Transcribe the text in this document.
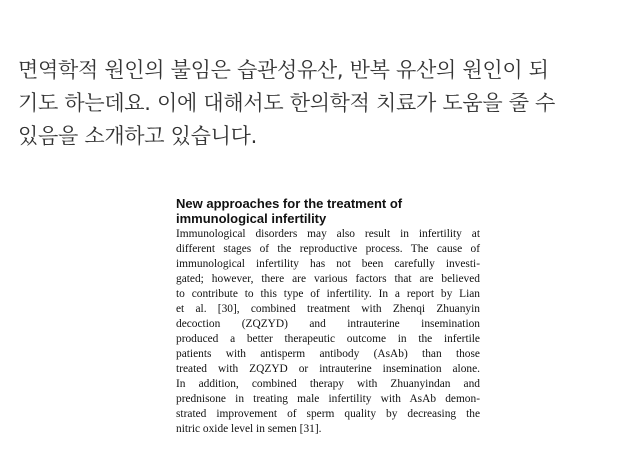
면역학적 원인의 불임은 습관성유산, 반복 유산의 원인이 되
기도 하는데요. 이에 대해서도 한의학적 치료가 도움을 줄 수
있음을 소개하고 있습니다.

New approaches for the treatment of
immunological infertility

Immunological disorders may also result in infertility at
different stages of the reproductive process. The cause of
immunological infertility has not been carefully investi-
gated; however, there are various factors that are believed
to contribute to this type of infertility. In a report by Lian
et al. [30], combined treatment with Zhenqi Zhuanyin
decoction (ZQZYD) and intrauterine insemination
produced a better therapeutic outcome in the infertile
patients with antisperm antibody (AsAb) than those
treated with ZQZYD or intrauterine insemination alone.
In addition, combined therapy with Zhuanyindan and
prednisone in treating male infertility with AsAb demon-
strated improvement of sperm quality by decreasing the
nitric oxide level in semen [31].
